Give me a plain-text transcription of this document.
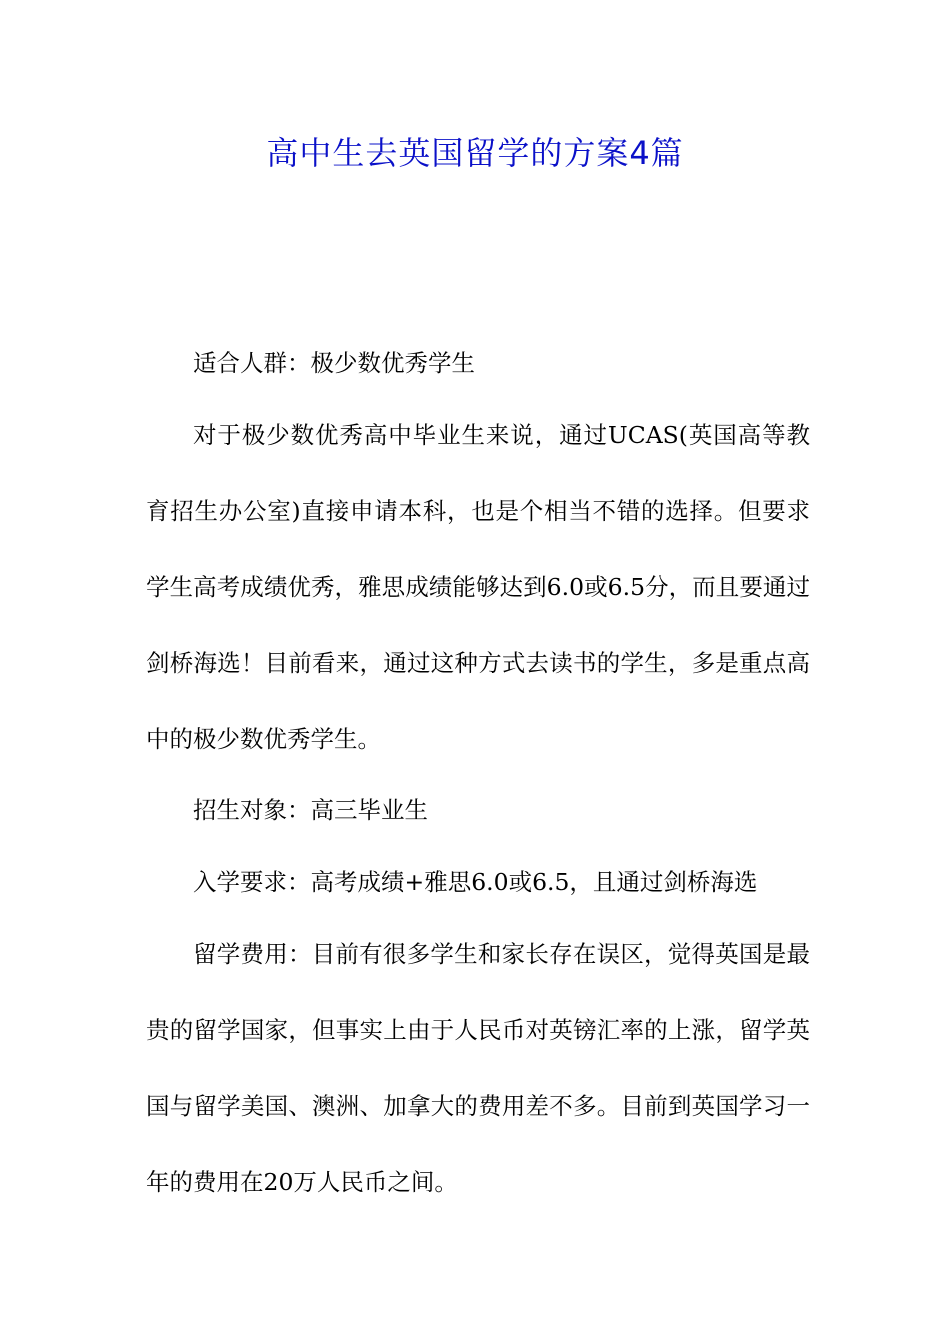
高中生去英国留学的方案4篇

适合人群：极少数优秀学生

对于极少数优秀高中毕业生来说，通过UCAS(英国高等教育招生办公室)直接申请本科，也是个相当不错的选择。但要求学生高考成绩优秀，雅思成绩能够达到6.0或6.5分，而且要通过剑桥海选！目前看来，通过这种方式去读书的学生，多是重点高中的极少数优秀学生。

招生对象：高三毕业生

入学要求：高考成绩+雅思6.0或6.5，且通过剑桥海选

留学费用：目前有很多学生和家长存在误区，觉得英国是最贵的留学国家，但事实上由于人民币对英镑汇率的上涨，留学英国与留学美国、澳洲、加拿大的费用差不多。目前到英国学习一年的费用在20万人民币之间。
